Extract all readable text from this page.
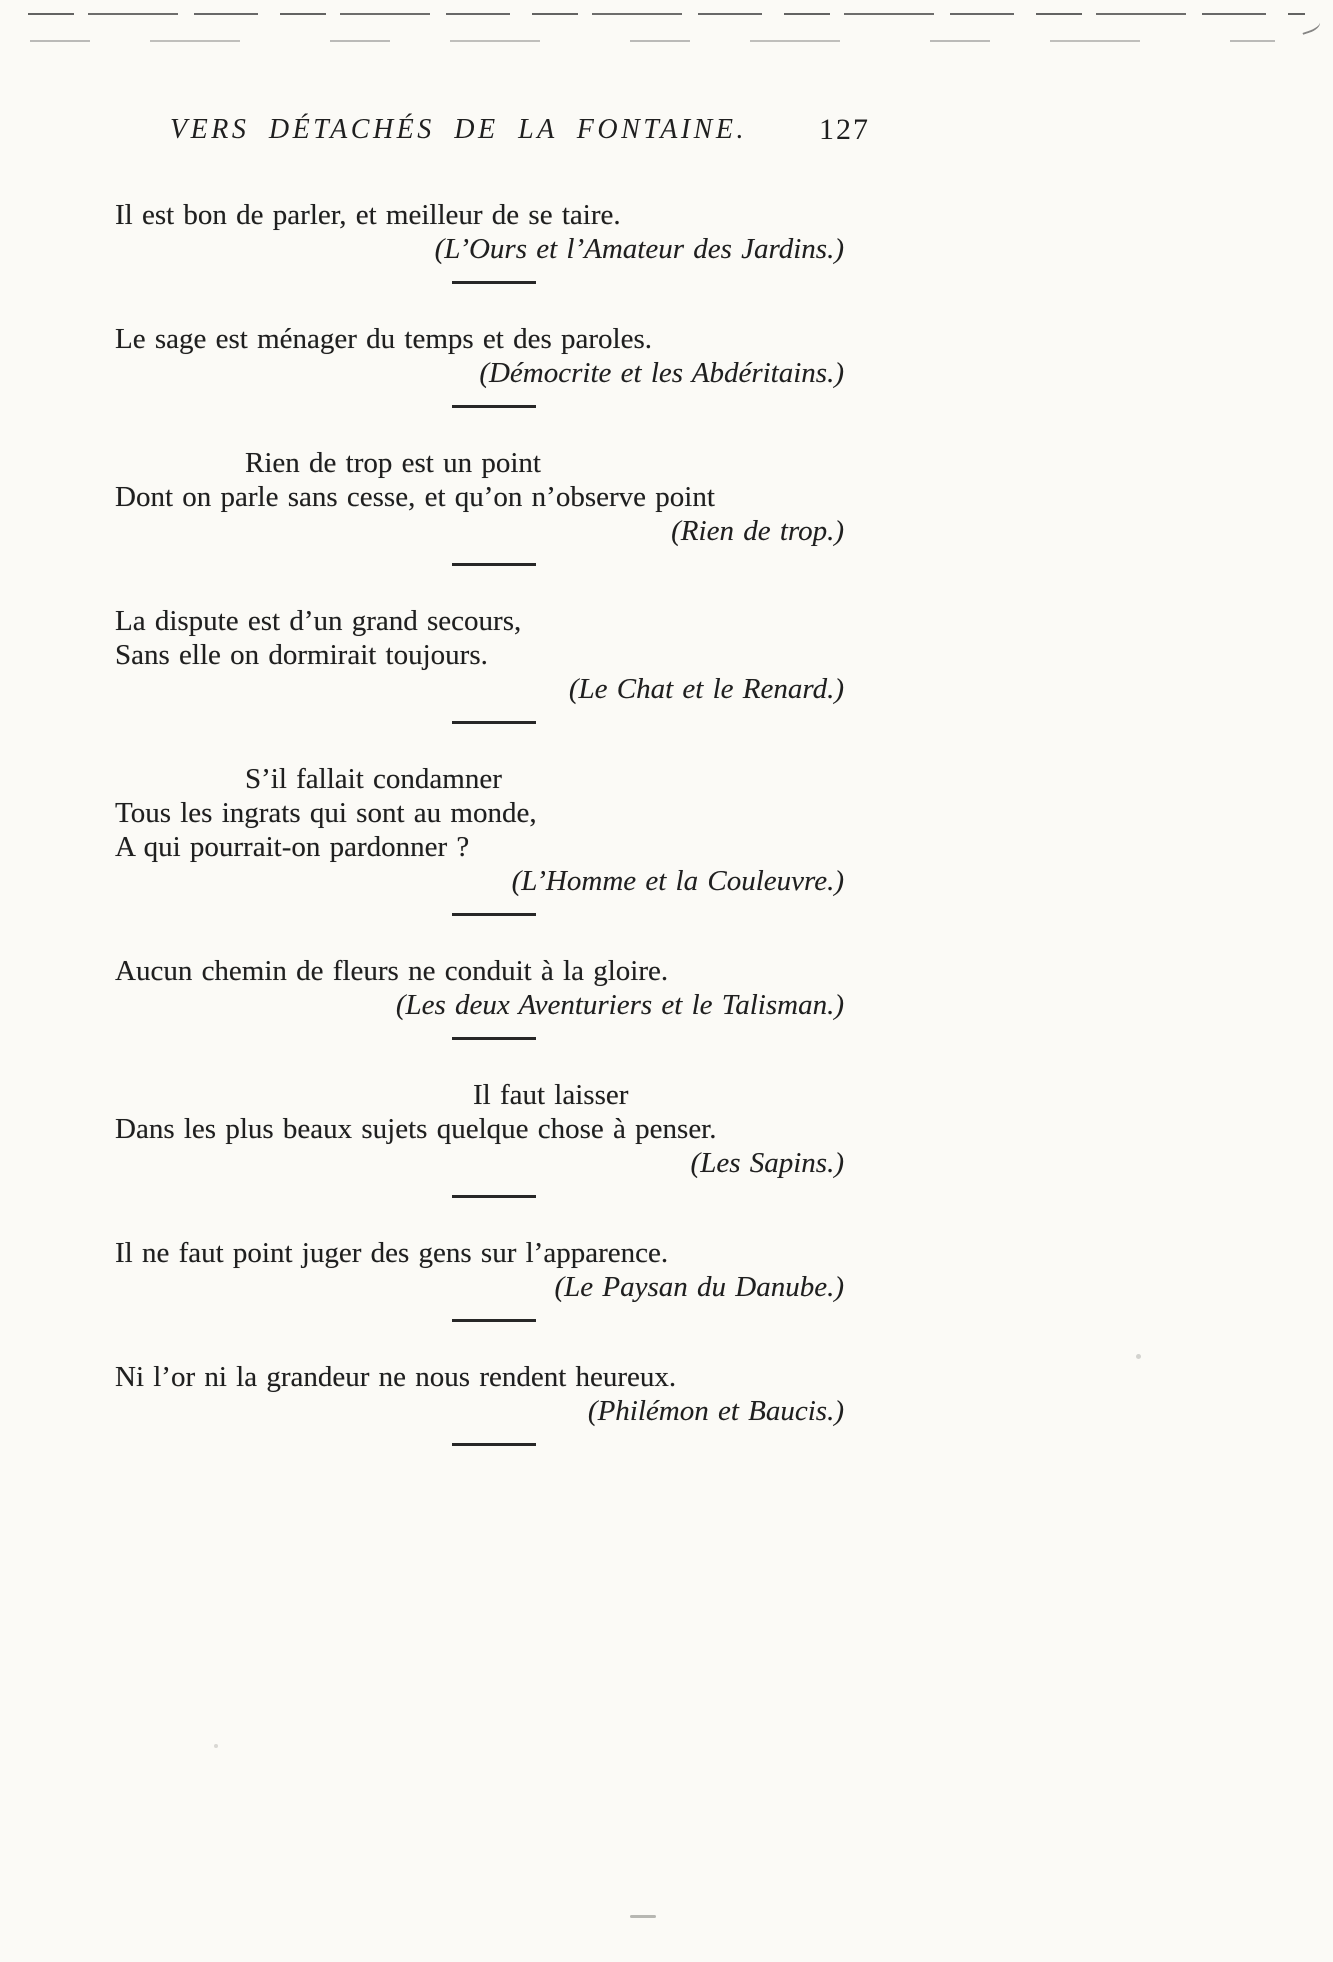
VERS DÉTACHÉS DE LA FONTAINE. 127
Il est bon de parler, et meilleur de se taire.
(L’Ours et l’Amateur des Jardins.)
Le sage est ménager du temps et des paroles.
(Démocrite et les Abdéritains.)
Rien de trop est un point
Dont on parle sans cesse, et qu’on n’observe point
(Rien de trop.)
La dispute est d’un grand secours,
Sans elle on dormirait toujours.
(Le Chat et le Renard.)
S’il fallait condamner
Tous les ingrats qui sont au monde,
A qui pourrait-on pardonner ?
(L’Homme et la Couleuvre.)
Aucun chemin de fleurs ne conduit à la gloire.
(Les deux Aventuriers et le Talisman.)
Il faut laisser
Dans les plus beaux sujets quelque chose à penser.
(Les Sapins.)
Il ne faut point juger des gens sur l’apparence.
(Le Paysan du Danube.)
Ni l’or ni la grandeur ne nous rendent heureux.
(Philémon et Baucis.)
